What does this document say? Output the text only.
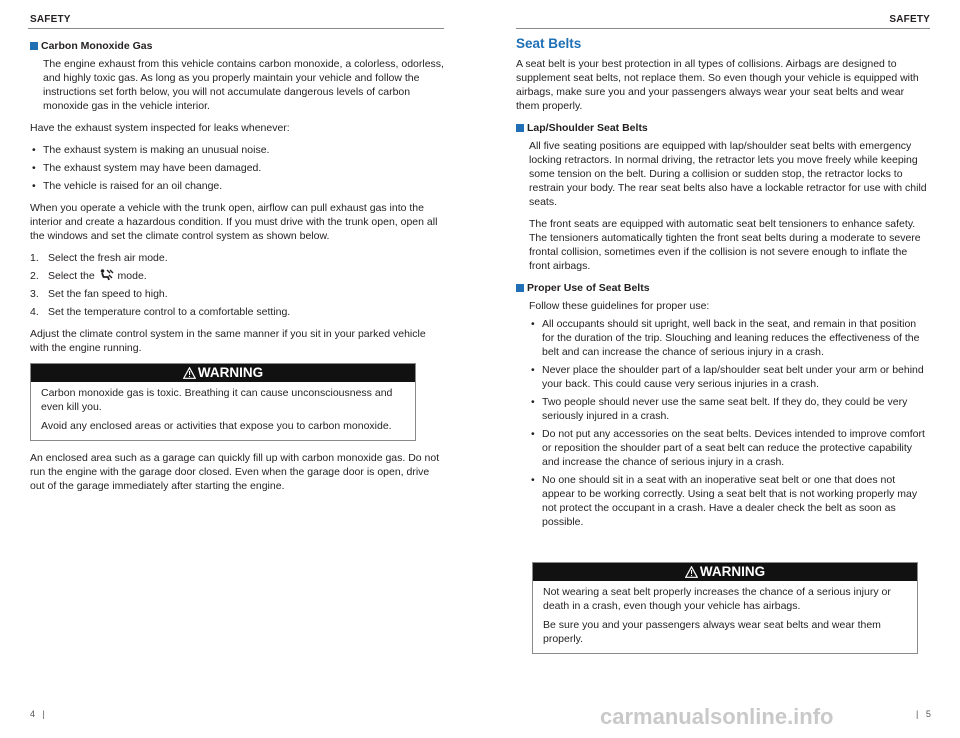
SAFETY
Carbon Monoxide Gas

The engine exhaust from this vehicle contains carbon monoxide, a colorless, odorless, and highly toxic gas. As long as you properly maintain your vehicle and follow the instructions set forth below, you will not accumulate dangerous levels of carbon monoxide gas in the vehicle interior.

Have the exhaust system inspected for leaks whenever:

• The exhaust system is making an unusual noise.
• The exhaust system may have been damaged.
• The vehicle is raised for an oil change.

When you operate a vehicle with the trunk open, airflow can pull exhaust gas into the interior and create a hazardous condition. If you must drive with the trunk open, open all the windows and set the climate control system as shown below.

1. Select the fresh air mode.
2. Select the mode.
3. Set the fan speed to high.
4. Set the temperature control to a comfortable setting.

Adjust the climate control system in the same manner if you sit in your parked vehicle with the engine running.

WARNING

Carbon monoxide gas is toxic. Breathing it can cause unconsciousness and even kill you.

Avoid any enclosed areas or activities that expose you to carbon monoxide.

An enclosed area such as a garage can quickly fill up with carbon monoxide gas. Do not run the engine with the garage door closed. Even when the garage door is open, drive out of the garage immediately after starting the engine.

4   |
SAFETY
Seat Belts

A seat belt is your best protection in all types of collisions. Airbags are designed to supplement seat belts, not replace them. So even though your vehicle is equipped with airbags, make sure you and your passengers always wear your seat belts and wear them properly.

Lap/Shoulder Seat Belts

All five seating positions are equipped with lap/shoulder seat belts with emergency locking retractors. In normal driving, the retractor lets you move freely while keeping some tension on the belt. During a collision or sudden stop, the retractor locks to restrain your body. The rear seat belts also have a lockable retractor for use with child seats.

The front seats are equipped with automatic seat belt tensioners to enhance safety. The tensioners automatically tighten the front seat belts during a moderate to severe frontal collision, sometimes even if the collision is not severe enough to inflate the front airbags.

Proper Use of Seat Belts

Follow these guidelines for proper use:

• All occupants should sit upright, well back in the seat, and remain in that position for the duration of the trip. Slouching and leaning reduces the effectiveness of the belt and can increase the chance of serious injury in a crash.
• Never place the shoulder part of a lap/shoulder seat belt under your arm or behind your back. This could cause very serious injuries in a crash.
• Two people should never use the same seat belt. If they do, they could be very seriously injured in a crash.
• Do not put any accessories on the seat belts. Devices intended to improve comfort or reposition the shoulder part of a seat belt can reduce the protective capability and increase the chance of serious injury in a crash.
• No one should sit in a seat with an inoperative seat belt or one that does not appear to be working correctly. Using a seat belt that is not working properly may not protect the occupant in a crash. Have a dealer check the belt as soon as possible.
WARNING

Not wearing a seat belt properly increases the chance of a serious injury or death in a crash, even though your vehicle has airbags.

Be sure you and your passengers always wear seat belts and wear them properly.

|   5
carmanualsonline.info
